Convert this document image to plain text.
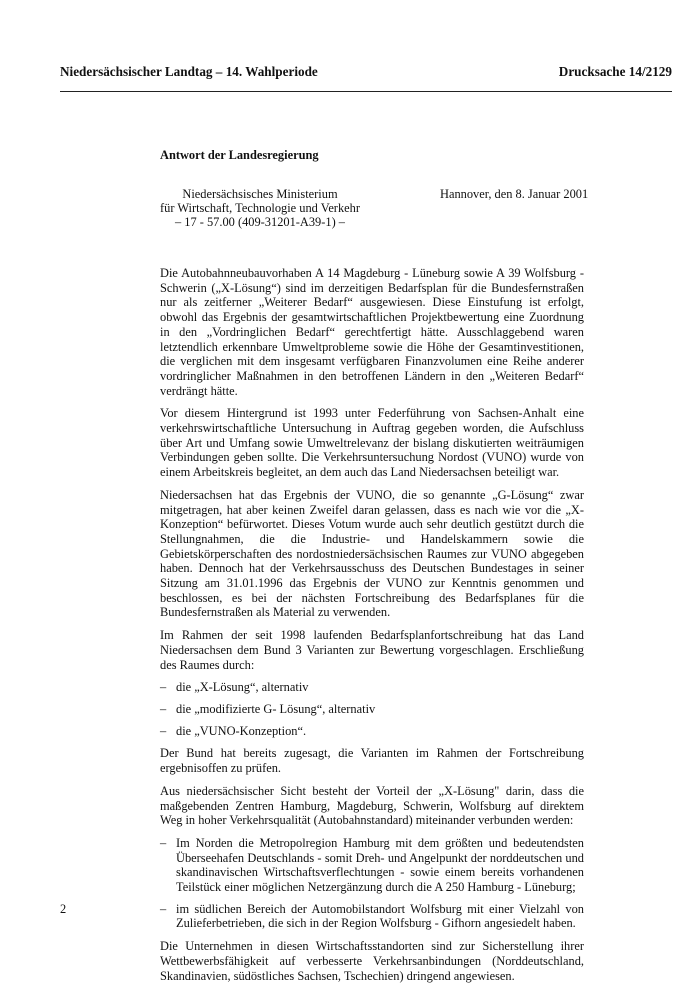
Niedersächsischer Landtag – 14. Wahlperiode	Drucksache 14/2129
Antwort der Landesregierung
Niedersächsisches Ministerium
für Wirtschaft, Technologie und Verkehr
– 17 - 57.00 (409-31201-A39-1) –
Hannover, den 8. Januar 2001

Die Autobahnneubauvorhaben A 14 Magdeburg - Lüneburg sowie A 39 Wolfsburg - Schwerin („X-Lösung“) sind im derzeitigen Bedarfsplan für die Bundesfernstraßen nur als zeitferner „Weiterer Bedarf“ ausgewiesen. Diese Einstufung ist erfolgt, obwohl das Ergebnis der gesamtwirtschaftlichen Projektbewertung eine Zuordnung in den „Vordringlichen Bedarf“ gerechtfertigt hätte. Ausschlaggebend waren letztendlich erkennbare Umweltprobleme sowie die Höhe der Gesamtinvestitionen, die verglichen mit dem insgesamt verfügbaren Finanzvolumen eine Reihe anderer vordringlicher Maßnahmen in den betroffenen Ländern in den „Weiteren Bedarf“ verdrängt hätte.

Vor diesem Hintergrund ist 1993 unter Federführung von Sachsen-Anhalt eine verkehrswirtschaftliche Untersuchung in Auftrag gegeben worden, die Aufschluss über Art und Umfang sowie Umweltrelevanz der bislang diskutierten weiträumigen Verbindungen geben sollte. Die Verkehrsuntersuchung Nordost (VUNO) wurde von einem Arbeitskreis begleitet, an dem auch das Land Niedersachsen beteiligt war.

Niedersachsen hat das Ergebnis der VUNO, die so genannte „G-Lösung“ zwar mitgetragen, hat aber keinen Zweifel daran gelassen, dass es nach wie vor die „X-Konzeption“ befürwortet. Dieses Votum wurde auch sehr deutlich gestützt durch die Stellungnahmen, die die Industrie- und Handelskammern sowie die Gebietskörperschaften des nordostniedersächsischen Raumes zur VUNO abgegeben haben. Dennoch hat der Verkehrsausschuss des Deutschen Bundestages in seiner Sitzung am 31.01.1996 das Ergebnis der VUNO zur Kenntnis genommen und beschlossen, es bei der nächsten Fortschreibung des Bedarfsplanes für die Bundesfernstraßen als Material zu verwenden.

Im Rahmen der seit 1998 laufenden Bedarfsplanfortschreibung hat das Land Niedersachsen dem Bund 3 Varianten zur Bewertung vorgeschlagen. Erschließung des Raumes durch:

– die „X-Lösung“, alternativ
– die „modifizierte G- Lösung“, alternativ
– die „VUNO-Konzeption“.

Der Bund hat bereits zugesagt, die Varianten im Rahmen der Fortschreibung ergebnisoffen zu prüfen.

Aus niedersächsischer Sicht besteht der Vorteil der „X-Lösung" darin, dass die maßgebenden Zentren Hamburg, Magdeburg, Schwerin, Wolfsburg auf direktem Weg in hoher Verkehrsqualität (Autobahnstandard) miteinander verbunden werden:

– Im Norden die Metropolregion Hamburg mit dem größten und bedeutendsten Überseehafen Deutschlands - somit Dreh- und Angelpunkt der norddeutschen und skandinavischen Wirtschaftsverflechtungen - sowie einem bereits vorhandenen Teilstück einer möglichen Netzergänzung durch die A 250 Hamburg - Lüneburg;
– im südlichen Bereich der Automobilstandort Wolfsburg mit einer Vielzahl von Zulieferbetrieben, die sich in der Region Wolfsburg - Gifhorn angesiedelt haben.

Die Unternehmen in diesen Wirtschaftsstandorten sind zur Sicherstellung ihrer Wettbewerbsfähigkeit auf verbesserte Verkehrsanbindungen (Norddeutschland, Skandinavien, südöstliches Sachsen, Tschechien) dringend angewiesen.

2
